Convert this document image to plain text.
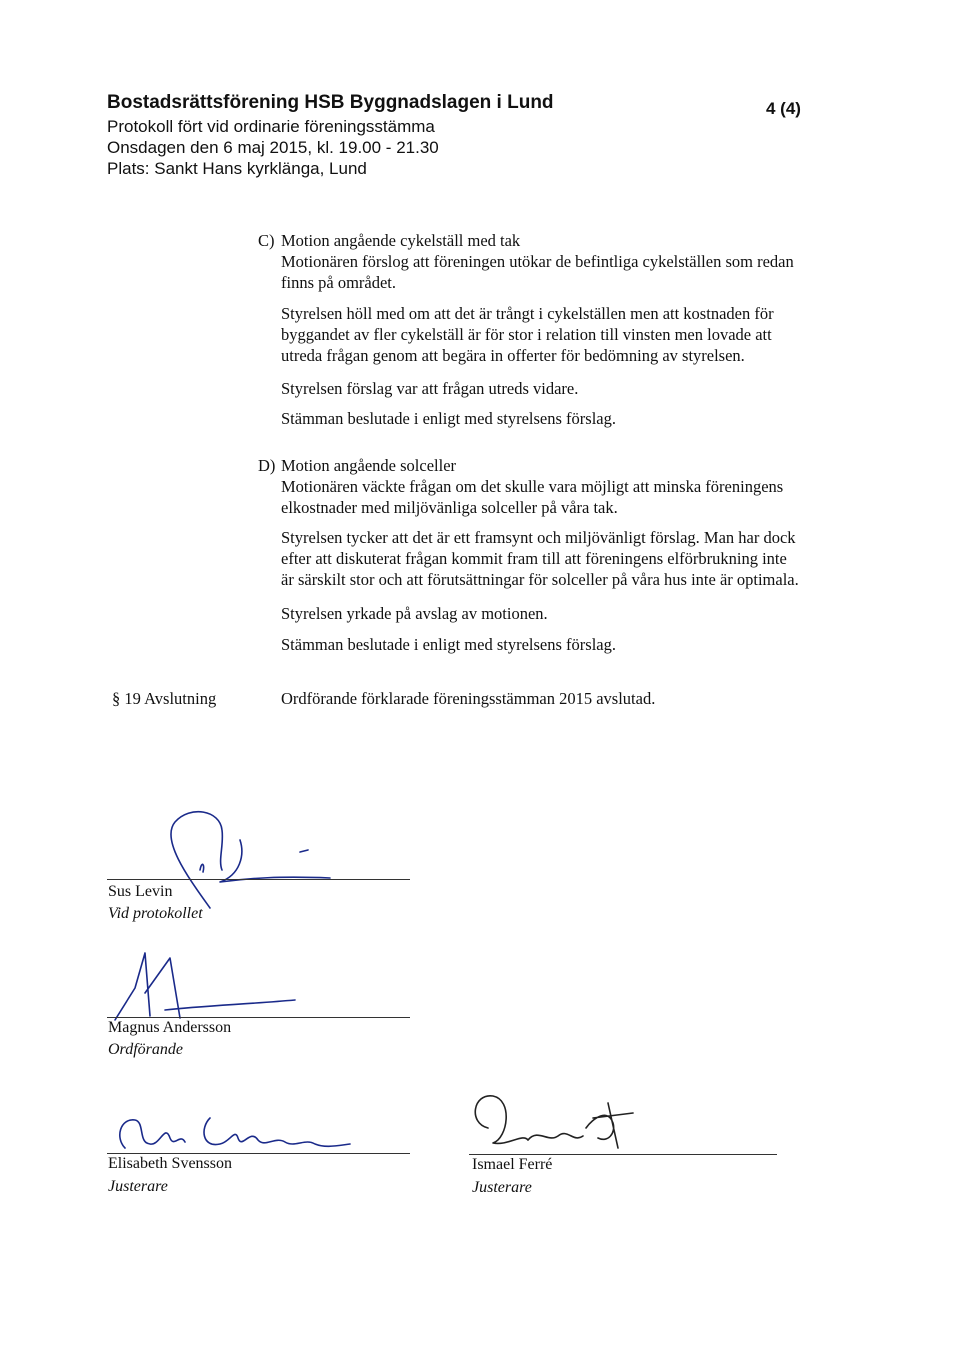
Bostadsrättsförening HSB Byggnadslagen i Lund	4 (4)
Protokoll fört vid ordinarie föreningsstämma
Onsdagen den 6 maj 2015, kl. 19.00 - 21.30
Plats: Sankt Hans kyrklänga, Lund
C) Motion angående cykelställ med tak
Motionären förslog att föreningen utökar de befintliga cykelställen som redan
finns på området.
Styrelsen höll med om att det är trångt i cykelställen men att kostnaden för
byggandet av fler cykelställ är för stor i relation till vinsten men lovade att
utreda frågan genom att begära in offerter för bedömning av styrelsen.
Styrelsen förslag var att frågan utreds vidare.
Stämman beslutade i enligt med styrelsens förslag.
D) Motion angående solceller
Motionären väckte frågan om det skulle vara möjligt att minska föreningens
elkostnader med miljövänliga solceller på våra tak.
Styrelsen tycker att det är ett framsynt och miljövänligt förslag. Man har dock
efter att diskuterat frågan kommit fram till att föreningens elförbrukning inte
är särskilt stor och att förutsättningar för solceller på våra hus inte är optimala.
Styrelsen yrkade på avslag av motionen.
Stämman beslutade i enligt med styrelsens förslag.
§ 19 Avslutning	Ordförande förklarade föreningsstämman 2015 avslutad.
Sus Levin
Vid protokollet
Magnus Andersson
Ordförande
Elisabeth Svensson
Justerare
Ismael Ferré
Justerare
